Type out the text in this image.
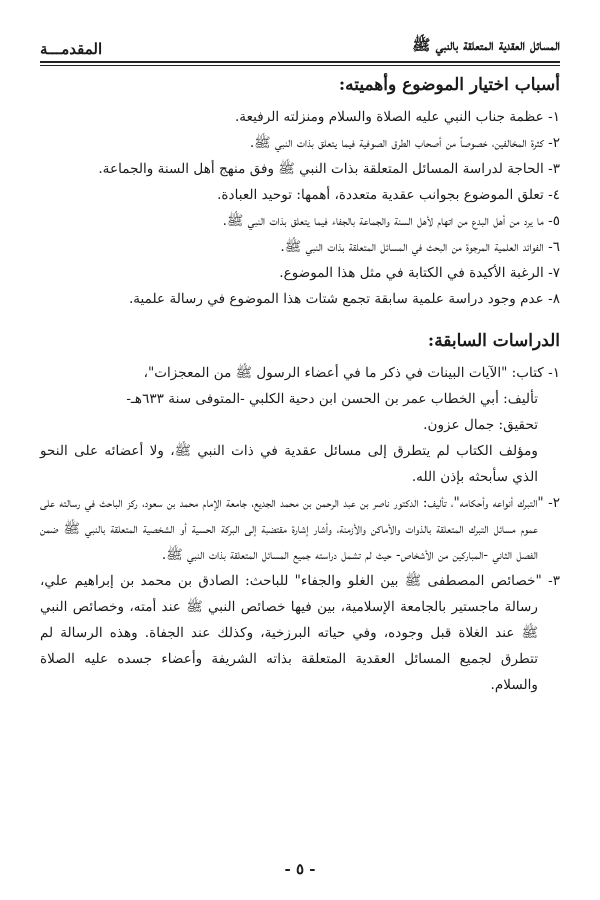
المسائل العقدية المتعلقة بالنبي ﷺ
المقدمـــة
أسباب اختيار الموضوع وأهميته:
١- عظمة جناب النبي عليه الصلاة والسلام ومنزلته الرفيعة.
٢- كثرة المخالفين، خصوصاً من أصحاب الطرق الصوفية فيما يتعلق بذات النبي ﷺ.
٣- الحاجة لدراسة المسائل المتعلقة بذات النبي ﷺ وفق منهج أهل السنة والجماعة.
٤- تعلق الموضوع بجوانب عقدية متعددة، أهمها: توحيد العبادة.
٥- ما يرد من أهل البدع من اتهام لأهل السنة والجماعة بالجفاء فيما يتعلق بذات النبي ﷺ.
٦- الفوائد العلمية المرجوة من البحث في المسائل المتعلقة بذات النبي ﷺ.
٧- الرغبة الأكيدة في الكتابة في مثل هذا الموضوع.
٨- عدم وجود دراسة علمية سابقة تجمع شتات هذا الموضوع في رسالة علمية.
الدراسات السابقة:
١- كتاب: "الآيات البينات في ذكر ما في أعضاء الرسول ﷺ من المعجزات"،
تأليف: أبي الخطاب عمر بن الحسن ابن دحية الكلبي -المتوفى سنة ٦٣٣هـ-
تحقيق: جمال عزون.
ومؤلف الكتاب لم يتطرق إلى مسائل عقدية في ذات النبي ﷺ، ولا أعضائه على النحو الذي سأبحثه بإذن الله.
٢- "التبرك أنواعه وأحكامه"، تأليف: الدكتور ناصر بن عبد الرحمن بن محمد الجديع، جامعة الإمام محمد بن سعود، ركز الباحث في رسالته على عموم مسائل التبرك المتعلقة بالذوات والأماكن والأزمنة، وأشار إشارة مقتضبة إلى البركة الحسية أو الشخصية المتعلقة بالنبي ﷺ ضمن الفصل الثاني -المباركين من الأشخاص- حيث لم تشمل دراسته جميع المسائل المتعلقة بذات النبي ﷺ.
٣- "خصائص المصطفى ﷺ بين الغلو والجفاء" للباحث: الصادق بن محمد بن إبراهيم علي، رسالة ماجستير بالجامعة الإسلامية، بين فيها خصائص النبي ﷺ عند أمته، وخصائص النبي ﷺ عند الغلاة قبل وجوده، وفي حياته البرزخية، وكذلك عند الجفاة. وهذه الرسالة لم تتطرق لجميع المسائل العقدية المتعلقة بذاته الشريفة وأعضاء جسده عليه الصلاة والسلام.
- ٥ -
